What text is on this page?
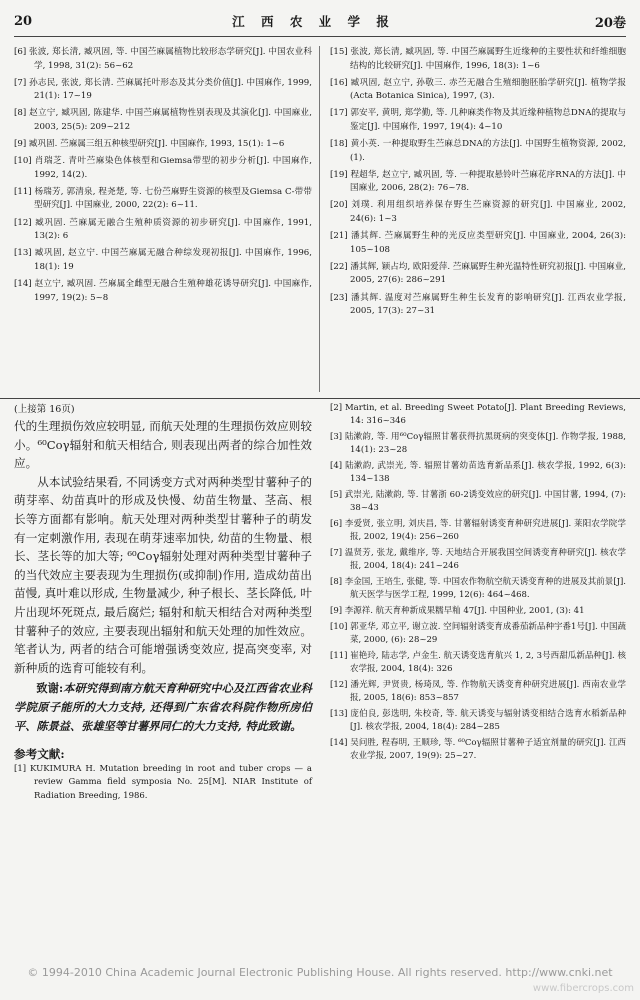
20	江 西 农 业 学 报	20卷
[6] 张波, 郑长清, 臧巩固, 等. 中国苎麻属植物比较形态学研究[J]. 中国农业科学, 1998, 31(2): 56~62
[7] 孙志民, 张波, 郑长清. 苎麻属托叶形态及其分类价值[J]. 中国麻作, 1999, 21(1): 17~19
[8] 赵立宁, 臧巩固, 陈建华. 中国苎麻属植物性别表现及其演化[J]. 中国麻业, 2003, 25(5): 209~212
[9] 臧巩固. 苎麻属三组五种核型研究[J]. 中国麻作, 1993, 15(1): 1~6
[10] 肖瑞芝. 青叶苎麻染色体核型和Giemsa带型的初步分析[J]. 中国麻作, 1992, 14(2).
[11] 杨瑞芳, 郭清泉, 程尧楚, 等. 七份苎麻野生资源的核型及Giemsa C-带带型研究[J]. 中国麻业, 2000, 22(2): 6~11.
[12] 臧巩固. 苎麻属无融合生殖种质资源的初步研究[J]. 中国麻作, 1991, 13(2): 6
[13] 臧巩固, 赵立宁. 中国苎麻属无融合种综发现初报[J]. 中国麻作, 1996, 18(1): 19
[14] 赵立宁, 臧巩固. 苎麻属全雌型无融合生殖种雄花诱导研究[J]. 中国麻作, 1997, 19(2): 5~8
[15] 张波, 郑长清, 臧巩固, 等. 中国苎麻属野生近缘种的主要性状和纤维细胞结构的比较研究[J]. 中国麻作, 1996, 18(3): 1~6
[16] 臧巩固, 赵立宁, 孙敬三. 赤苎无融合生殖细胞胚胎学研究[J]. 植物学报(Acta Botanica Sinica), 1997, (3).
[17] 郭安平, 黄明, 郑学勤, 等. 几种麻类作物及其近缘种植物总DNA的提取与鉴定[J]. 中国麻作, 1997, 19(4): 4~10
[18] 黄小英. 一种提取野生苎麻总DNA的方法[J]. 中国野生植物资源, 2002, (1).
[19] 程超华, 赵立宁, 臧巩固, 等. 一种提取悬铃叶苎麻花序RNA的方法[J]. 中国麻业, 2006, 28(2): 76~78.
[20] 刘璞. 利用组织培养保存野生苎麻资源的研究[J]. 中国麻业, 2002, 24(6): 1~3
[21] 潘其辉. 苎麻属野生种的光反应类型研究[J]. 中国麻业, 2004, 26(3): 105~108
[22] 潘其辉, 颖占均, 欧阳爱萍. 苎麻属野生种光温特性研究初报[J]. 中国麻业, 2005, 27(6): 286~291
[23] 潘其辉. 温度对苎麻属野生种生长发育的影响研究[J]. 江西农业学报, 2005, 17(3): 27~31
(上接第 16页)

代的生理损伤效应较明显, 而航天处理的生理损伤效应则较小。⁶⁰Coγ辐射和航天相结合, 则表现出两者的综合加性效应。

从本试验结果看, 不同诱变方式对两种类型甘薯种子的萌芽率、幼苗真叶的形成及快慢、幼苗生物量、茎高、根长等方面都有影响。航天处理对两种类型甘薯种子的萌发有一定刺激作用, 表现在萌芽速率加快, 幼苗的生物量、根长、茎长等的加大等; ⁶⁰Coγ辐射处理对两种类型甘薯种子的当代效应主要表现为生理损伤(或抑制)作用, 造成幼苗出苗慢, 真叶难以形成, 生物量减少, 种子根长、茎长降低, 叶片出现坏死斑点, 最后腐烂; 辐射和航天相结合对两种类型甘薯种子的效应, 主要表现出辐射和航天处理的加性效应。笔者认为, 两者的结合可能增强诱变效应, 提高突变率, 对新种质的选育可能较有利。

致谢:本研究得到南方航天育种研究中心及江西省农业科学院原子能所的大力支持, 还得到广东省农科院作物所房伯平、陈景益、张雄坚等甘薯界同仁的大力支持, 特此致谢。
参考文献:
[1] KUKIMURA H. Mutation breeding in root and tuber crops — a review Gamma field symposia No. 25[M]. NIAR Institute of Radiation Breeding, 1986.
[2] Martin, et al. Breeding Sweet Potato[J]. Plant Breeding Reviews, 14: 316~346
[3] 陆漱韵, 等. 用⁶⁰Coγ辐照甘薯获得抗黑斑病的突变体[J]. 作物学报, 1988, 14(1): 23~28
[4] 陆漱韵, 武崇光, 等. 辐照甘薯幼苗选育新品系[J]. 核农学报, 1992, 6(3): 134~138
[5] 武崇光, 陆漱韵, 等. 甘薯浙 60-2诱变效应的研究[J]. 中国甘薯, 1994, (7): 38~43
[6] 李爱贤, 张立明, 刘庆昌, 等. 甘薯辐射诱变育种研究进展[J]. 莱阳农学院学报, 2002, 19(4): 256~260
[7] 温贤芳, 张龙, 戴维序, 等. 天地结合开展我国空间诱变育种研究[J]. 核农学报, 2004, 18(4): 241~246
[8] 李金国, 王培生, 张健, 等. 中国农作物航空航天诱变育种的进展及其前景[J]. 航天医学与医学工程, 1999, 12(6): 464~468.
[9] 李源祥. 航天育种新成果糯早籼 47[J]. 中国种业, 2001, (3): 41
[10] 郭亚华, 邓立平, 谢立波. 空间辐射诱变育成番茄新品种宇番1号[J]. 中国蔬菜, 2000, (6): 28~29
[11] 崔艳玲, 陆志学, 卢金生. 航天诱变选育航兴 1, 2, 3号西甜瓜新品种[J]. 核农学报, 2004, 18(4): 326
[12] 潘光辉, 尹贤贵, 杨琦凤, 等. 作物航天诱变育种研究进展[J]. 西南农业学报, 2005, 18(6): 853~857
[13] 庞伯良, 彭选明, 朱校奇, 等. 航天诱变与辐射诱变相结合选育水稻新品种[J]. 核农学报, 2004, 18(4): 284~285
[14] 吴问胜, 程春明, 王顺珍, 等. ⁶⁰Coγ辐照甘薯种子适宜剂量的研究[J]. 江西农业学报, 2007, 19(9): 25~27.
© 1994-2010 China Academic Journal Electronic Publishing House. All rights reserved. http://www.cnki.net
www.fibercrops.com
